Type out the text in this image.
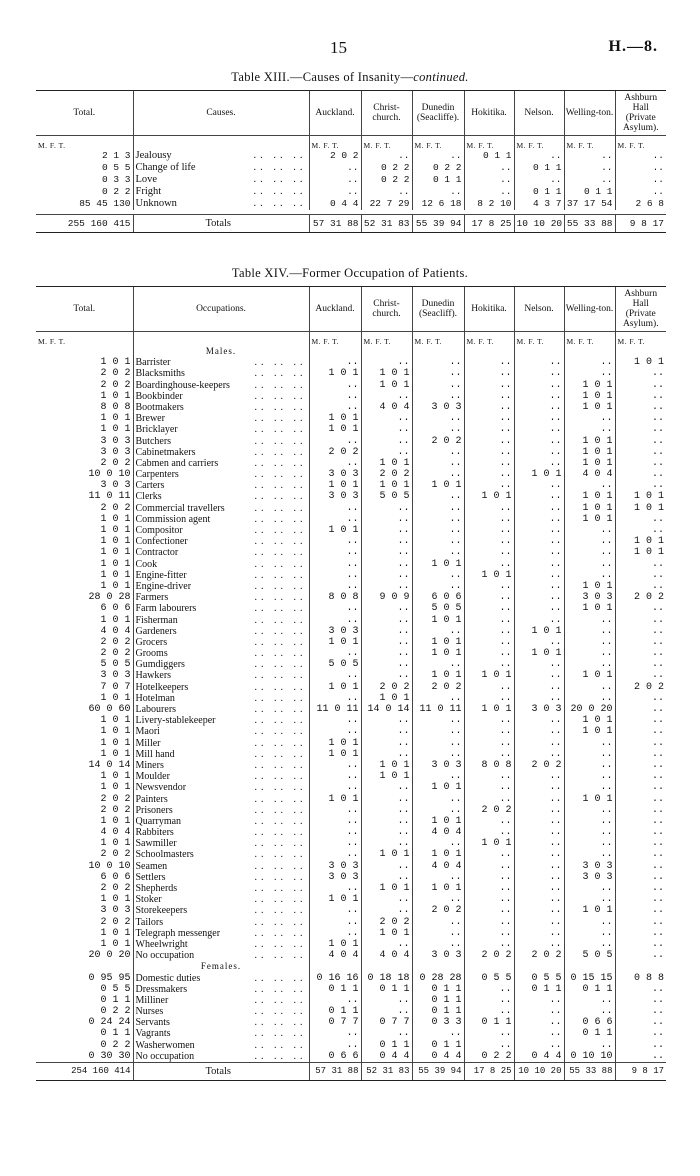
15	H.—8.
Table XIII.—Causes of Insanity—continued.
Total.	Causes.	Auckland.	Christ-church.	Dunedin (Seacliffe).	Hokitika.	Nelson.	Welling-ton.	Ashburn Hall (Private Asylum).
M. F. T.		M. F. T.	M. F. T.	M. F. T.	M. F. T.	M. F. T.	M. F. T.	M. F. T.
2 1 3	Jealousy .. .. ..	2 0 2	..	..	0 1 1	..	..	..
0 5 5	Change of life .. .. ..	..	0 2 2	0 2 2	..	0 1 1	..	..
0 3 3	Love .. .. ..	..	0 2 2	0 1 1	..	..	..	..
0 2 2	Fright .. .. ..	..	..	..	..	0 1 1	0 1 1	..
85 45 130	Unknown .. .. ..	0 4 4	22 7 29	12 6 18	8 2 10	4 3 7	37 17 54	2 6 8

255 160 415	Totals	57 31 88	52 31 83	55 39 94	17 8 25	10 10 20	55 33 88	9 8 17
Table XIV.—Former Occupation of Patients.
Total.	Occupations.	Auckland.	Christ-church.	Dunedin (Seacliff).	Hokitika.	Nelson.	Welling-ton.	Ashburn Hall (Private Asylum).
M. F. T.		M. F. T.	M. F. T.	M. F. T.	M. F. T.	M. F. T.	M. F. T.	M. F. T.
	Males.							
1 0 1	Barrister .. .. ..	..	..	..	..	..	..	1 0 1
2 0 2	Blacksmiths .. .. ..	1 0 1	1 0 1	..	..	..	..	..
2 0 2	Boardinghouse-keepers .. .. ..	..	1 0 1	..	..	..	1 0 1	..
1 0 1	Bookbinder .. .. ..	..	..	..	..	..	1 0 1	..
8 0 8	Bootmakers .. .. ..	..	4 0 4	3 0 3	..	..	1 0 1	..
1 0 1	Brewer .. .. ..	1 0 1	..	..	..	..	..	..
1 0 1	Bricklayer .. .. ..	1 0 1	..	..	..	..	..	..
3 0 3	Butchers .. .. ..	..	..	2 0 2	..	..	1 0 1	..
3 0 3	Cabinetmakers .. .. ..	2 0 2	..	..	..	..	1 0 1	..
2 0 2	Cabmen and carriers .. .. ..	..	1 0 1	..	..	..	1 0 1	..
10 0 10	Carpenters .. .. ..	3 0 3	2 0 2	..	..	1 0 1	4 0 4	..
3 0 3	Carters .. .. ..	1 0 1	1 0 1	1 0 1	..	..	..	..
11 0 11	Clerks .. .. ..	3 0 3	5 0 5	..	1 0 1	..	1 0 1	1 0 1
2 0 2	Commercial travellers .. .. ..	..	..	..	..	..	1 0 1	1 0 1
1 0 1	Commission agent .. .. ..	..	..	..	..	..	1 0 1	..
1 0 1	Compositor .. .. ..	1 0 1	..	..	..	..	..	..
1 0 1	Confectioner .. .. ..	..	..	..	..	..	..	1 0 1
1 0 1	Contractor .. .. ..	..	..	..	..	..	..	1 0 1
1 0 1	Cook .. .. ..	..	..	1 0 1	..	..	..	..
1 0 1	Engine-fitter .. .. ..	..	..	..	1 0 1	..	..	..
1 0 1	Engine-driver .. .. ..	..	..	..	..	..	1 0 1	..
28 0 28	Farmers .. .. ..	8 0 8	9 0 9	6 0 6	..	..	3 0 3	2 0 2
6 0 6	Farm labourers .. .. ..	..	..	5 0 5	..	..	1 0 1	..
1 0 1	Fisherman .. .. ..	..	..	1 0 1	..	..	..	..
4 0 4	Gardeners .. .. ..	3 0 3	..	..	..	1 0 1	..	..
2 0 2	Grocers .. .. ..	1 0 1	..	1 0 1	..	..	..	..
2 0 2	Grooms .. .. ..	..	..	1 0 1	..	1 0 1	..	..
5 0 5	Gumdiggers .. .. ..	5 0 5	..	..	..	..	..	..
3 0 3	Hawkers .. .. ..	..	..	1 0 1	1 0 1	..	1 0 1	..
7 0 7	Hotelkeepers .. .. ..	1 0 1	2 0 2	2 0 2	..	..	..	2 0 2
1 0 1	Hotelman .. .. ..	..	1 0 1	..	..	..	..	..
60 0 60	Labourers .. .. ..	11 0 11	14 0 14	11 0 11	1 0 1	3 0 3	20 0 20	..
1 0 1	Livery-stablekeeper .. .. ..	..	..	..	..	..	1 0 1	..
1 0 1	Maori .. .. ..	..	..	..	..	..	1 0 1	..
1 0 1	Miller .. .. ..	1 0 1	..	..	..	..	..	..
1 0 1	Mill hand .. .. ..	1 0 1	..	..	..	..	..	..
14 0 14	Miners .. .. ..	..	1 0 1	3 0 3	8 0 8	2 0 2	..	..
1 0 1	Moulder .. .. ..	..	1 0 1	..	..	..	..	..
1 0 1	Newsvendor .. .. ..	..	..	1 0 1	..	..	..	..
2 0 2	Painters .. .. ..	1 0 1	..	..	..	..	1 0 1	..
2 0 2	Prisoners .. .. ..	..	..	..	2 0 2	..	..	..
1 0 1	Quarryman .. .. ..	..	..	1 0 1	..	..	..	..
4 0 4	Rabbiters .. .. ..	..	..	4 0 4	..	..	..	..
1 0 1	Sawmiller .. .. ..	..	..	..	1 0 1	..	..	..
2 0 2	Schoolmasters .. .. ..	..	1 0 1	1 0 1	..	..	..	..
10 0 10	Seamen .. .. ..	3 0 3	..	4 0 4	..	..	3 0 3	..
6 0 6	Settlers .. .. ..	3 0 3	..	..	..	..	3 0 3	..
2 0 2	Shepherds .. .. ..	..	1 0 1	1 0 1	..	..	..	..
1 0 1	Stoker .. .. ..	1 0 1	..	..	..	..	..	..
3 0 3	Storekeepers .. .. ..	..	..	2 0 2	..	..	1 0 1	..
2 0 2	Tailors .. .. ..	..	2 0 2	..	..	..	..	..
1 0 1	Telegraph messenger .. .. ..	..	1 0 1	..	..	..	..	..
1 0 1	Wheelwright .. .. ..	1 0 1	..	..	..	..	..	..
20 0 20	No occupation .. .. ..	4 0 4	4 0 4	3 0 3	2 0 2	2 0 2	5 0 5	..
	Females.							
0 95 95	Domestic duties .. .. ..	0 16 16	0 18 18	0 28 28	0 5 5	0 5 5	0 15 15	0 8 8
0 5 5	Dressmakers .. .. ..	0 1 1	0 1 1	0 1 1	..	0 1 1	0 1 1	..
0 1 1	Milliner .. .. ..	..	..	0 1 1	..	..	..	..
0 2 2	Nurses .. .. ..	0 1 1	..	0 1 1	..	..	..	..
0 24 24	Servants .. .. ..	0 7 7	0 7 7	0 3 3	0 1 1	..	0 6 6	..
0 1 1	Vagrants .. .. ..	..	..	..	..	..	0 1 1	..
0 2 2	Washerwomen .. .. ..	..	0 1 1	0 1 1	..	..	..	..
0 30 30	No occupation .. .. ..	0 6 6	0 4 4	0 4 4	0 2 2	0 4 4	0 10 10	..
254 160 414	Totals	57 31 88	52 31 83	55 39 94	17 8 25	10 10 20	55 33 88	9 8 17
